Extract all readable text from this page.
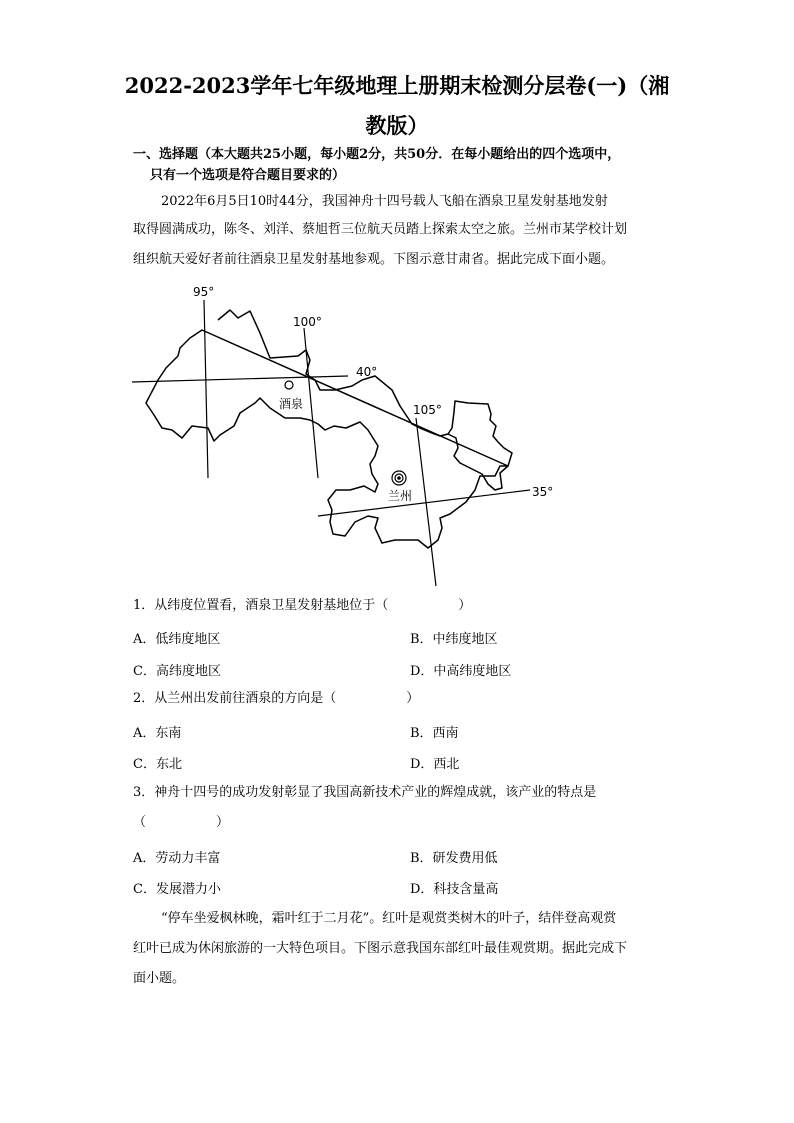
2022-2023学年七年级地理上册期末检测分层卷(一)（湘
教版）
一、选择题（本大题共25小题，每小题2分，共50分．在每小题给出的四个选项中，
只有一个选项是符合题目要求的）
2022年6月5日10时44分，我国神舟十四号载人飞船在酒泉卫星发射基地发射
取得圆满成功，陈冬、刘洋、蔡旭哲三位航天员踏上探索太空之旅。兰州市某学校计划
组织航天爱好者前往酒泉卫星发射基地参观。下图示意甘肃省。据此完成下面小题。
95°
100°
105°
40°
35°
酒泉
兰州
1．从纬度位置看，酒泉卫星发射基地位于（	）
A．低纬度地区	B．中纬度地区
C．高纬度地区	D．中高纬度地区
2．从兰州出发前往酒泉的方向是（	）
A．东南	B．西南
C．东北	D．西北
3．神舟十四号的成功发射彰显了我国高新技术产业的辉煌成就，该产业的特点是
（	）
A．劳动力丰富	B．研发费用低
C．发展潜力小	D．科技含量高
“停车坐爱枫林晚，霜叶红于二月花”。红叶是观赏类树木的叶子，结伴登高观赏
红叶已成为休闲旅游的一大特色项目。下图示意我国东部红叶最佳观赏期。据此完成下
面小题。
